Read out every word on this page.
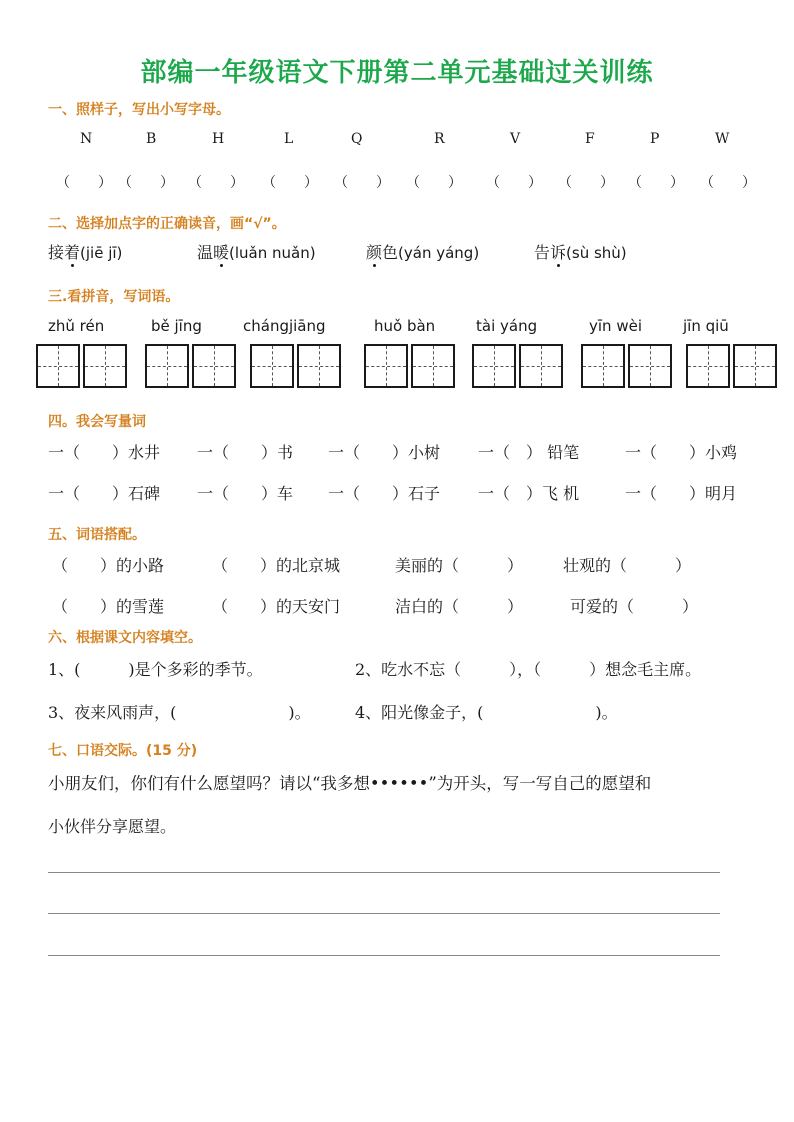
部编一年级语文下册第二单元基础过关训练
一、照样子，写出小写字母。
N	B	H	L	Q	R	V	F	P	W
（　　） （　　） （　　） （　　） （　　） （　　） （　　） （　　） （　　） （　　）
二、选择加点字的正确读音，画“√”。
接着(jiē jī)	温暖(luǎn nuǎn)	颜色(yán yáng)	告诉(sù shù)
三.看拼音，写词语。
zhǔ rén	bě jīng	chángjiāng	huǒ bàn	tài yáng	yīn wèi	jīn qiū
四。我会写量词
一（　　）水井 一（　　）书 一（　　）小树 一（　） 铅笔	一（　　）小鸡
一（　　）石碑 一（　　）车 一（　　）石子 一（　）飞 机	一（　　）明月
五、词语搭配。
（　　）的小路	（　　）的北京城	美丽的（　　　） 壮观的（　　　）
（　　）的雪莲	（　　）的天安门	洁白的（　　　）	可爱的（　　　）
六、根据课文内容填空。
1、(　　　)是个多彩的季节。	2、吃水不忘（　　　），（　　　）想念毛主席。
3、夜来风雨声，(　　　　　　　)。	4、阳光像金子，(　　　　　　　)。
七、口语交际。(15 分)
小朋友们，你们有什么愿望吗？请以“我多想••••••”为开头，写一写自己的愿望和
小伙伴分享愿望。
